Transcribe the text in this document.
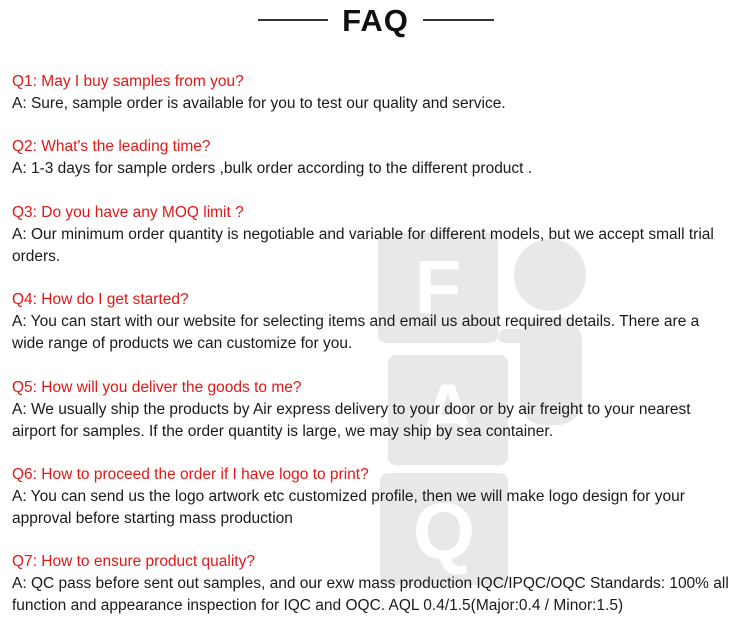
FAQ
F
A
Q
Q1: May I buy samples from you?
A: Sure, sample order is available for you to test our quality and service.
Q2: What's the leading time?
A: 1-3 days for sample orders ,bulk order according to the different product .
Q3: Do you have any MOQ limit ?
A: Our minimum order quantity is negotiable and variable for different models, but we accept small trial orders.
Q4: How do I get started?
A: You can start with our website for selecting items and email us about required details. There are a wide range of products we can customize for you.
Q5: How will you deliver the goods to me?
A: We usually ship the products by Air express delivery to your door or by air freight to your nearest airport for samples. If the order quantity is large, we may ship by sea container.
Q6: How to proceed the order if I have logo to print?
A: You can send us the logo artwork etc customized profile, then we will make logo design for your approval before starting mass production
Q7: How to ensure product quality?
A: QC pass before sent out samples, and our exw mass production IQC/IPQC/OQC Standards: 100% all function and appearance inspection for IQC and OQC. AQL 0.4/1.5(Major:0.4 / Minor:1.5)
